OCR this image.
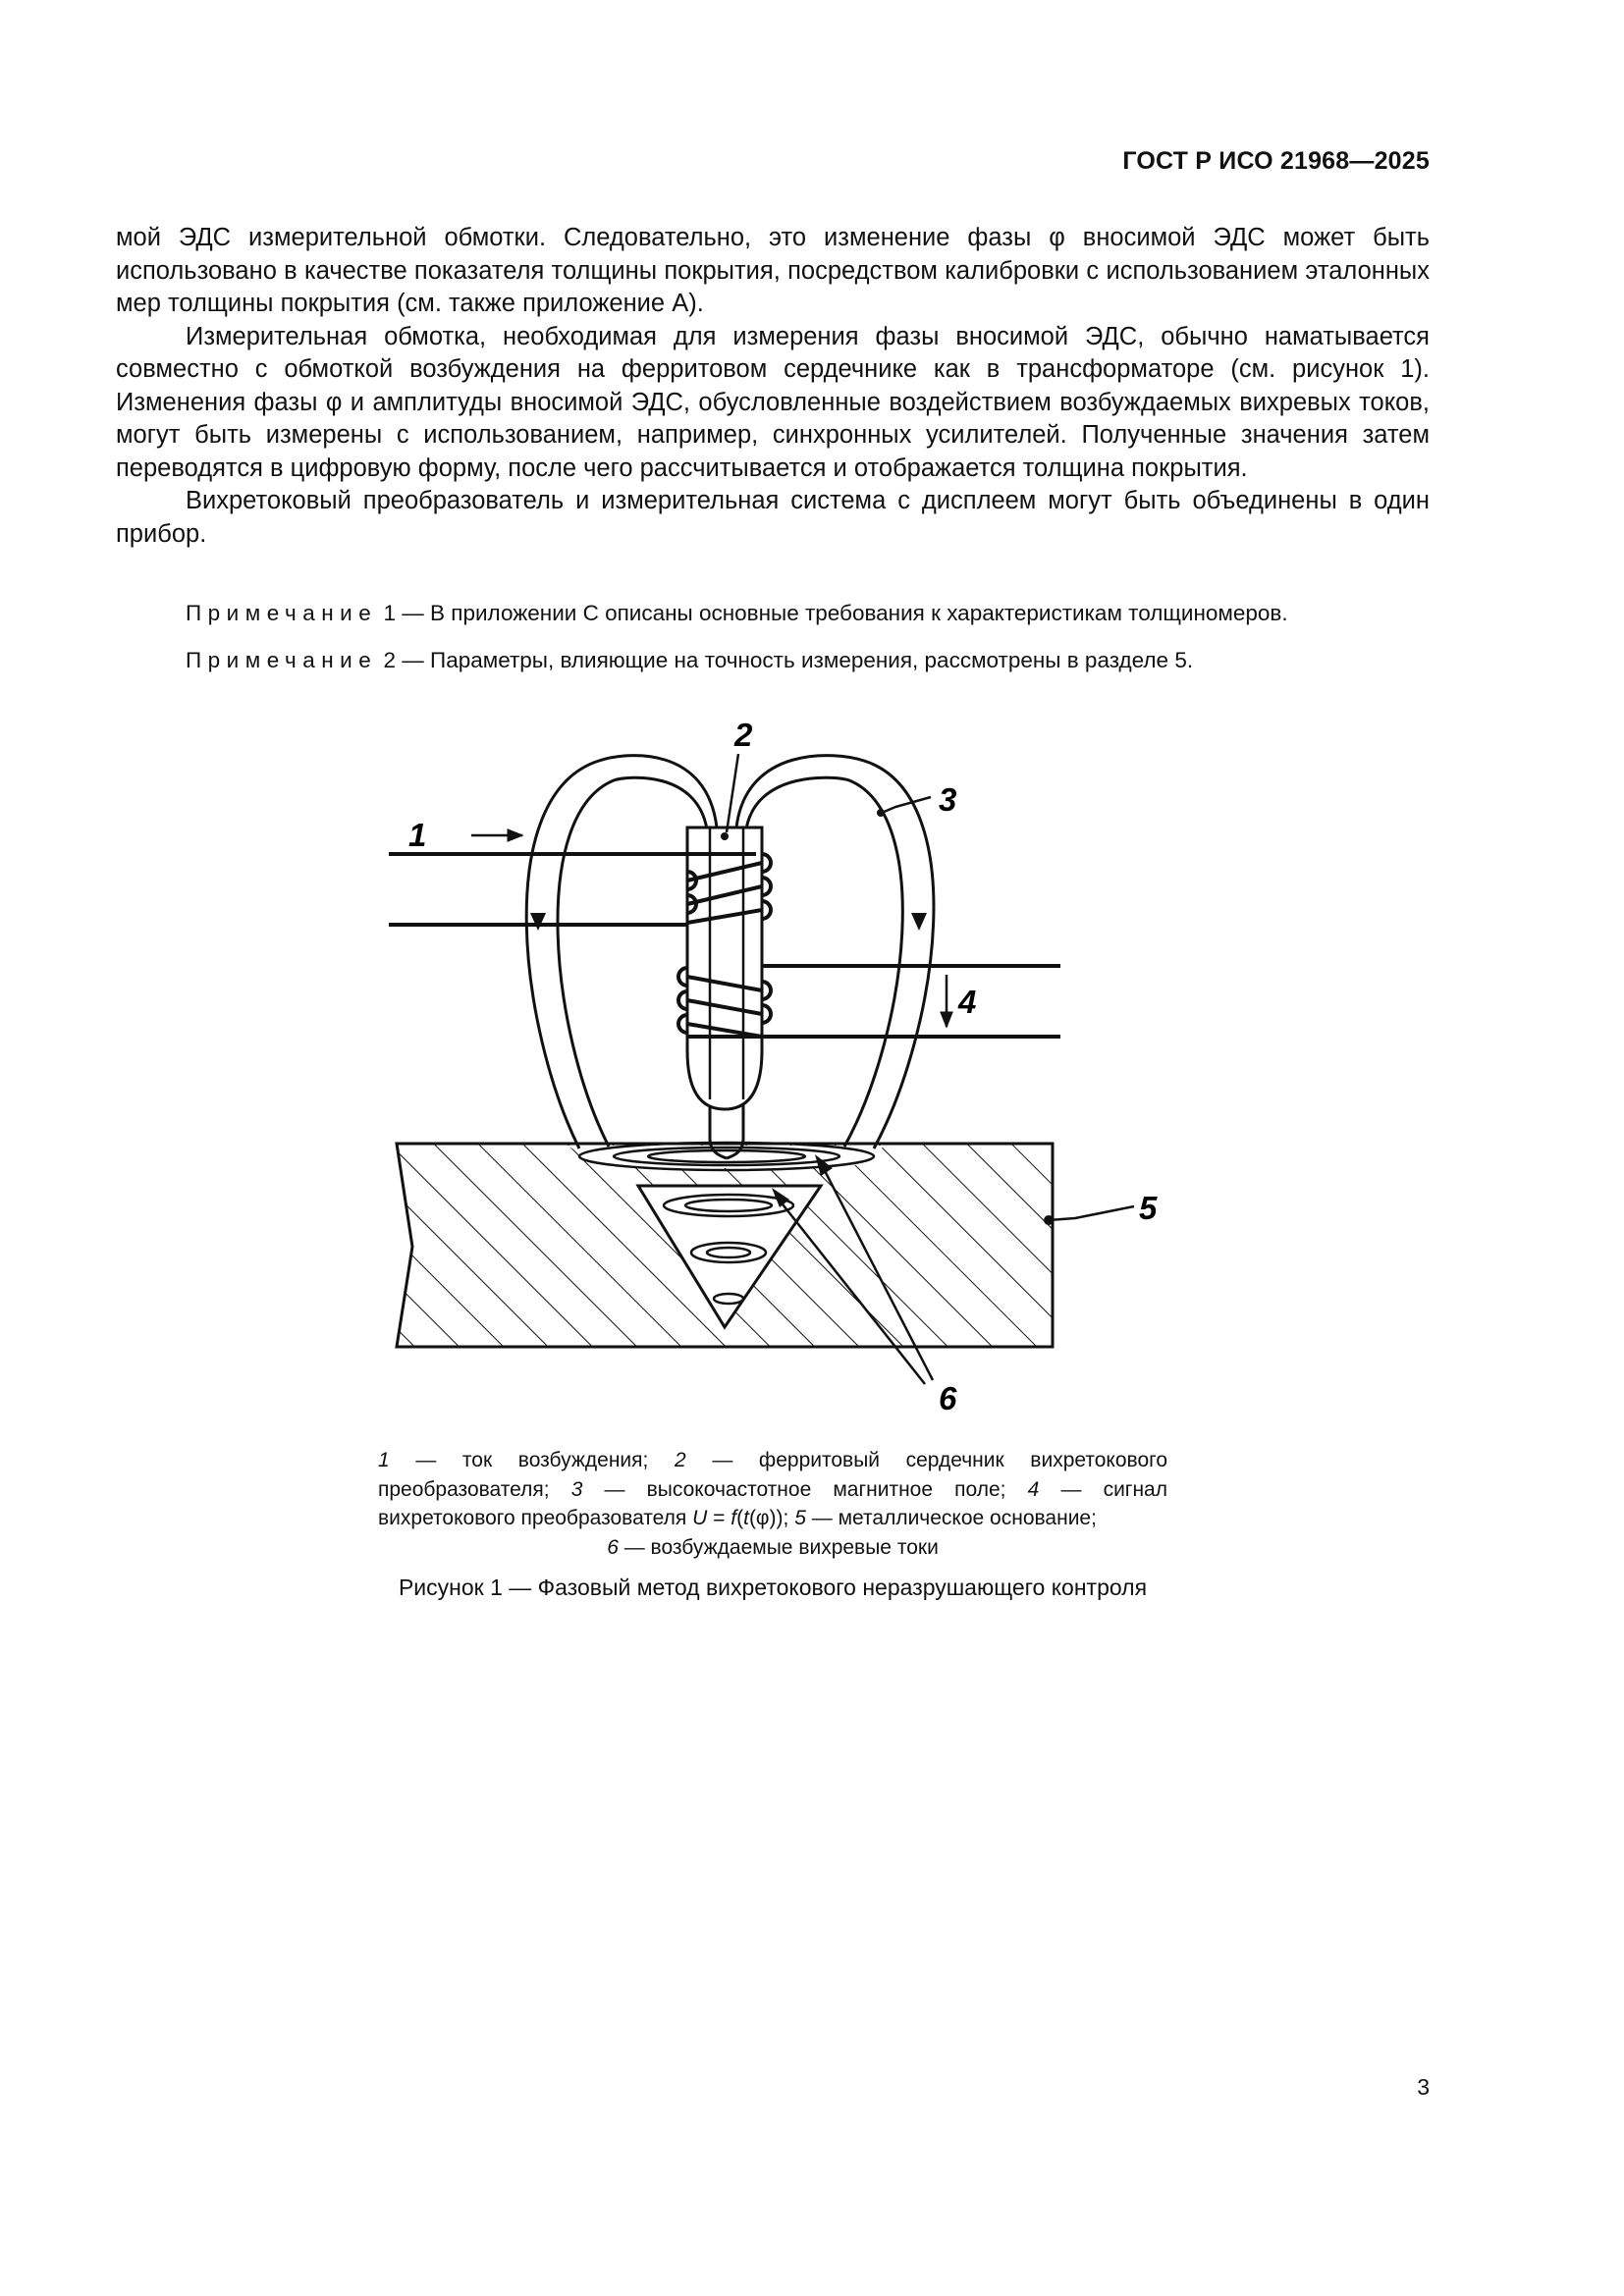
ГОСТ Р ИСО 21968—2025

мой ЭДС измерительной обмотки. Следовательно, это изменение фазы φ вносимой ЭДС может быть использовано в качестве показателя толщины покрытия, посредством калибровки с использованием эталонных мер толщины покрытия (см. также приложение А).

Измерительная обмотка, необходимая для измерения фазы вносимой ЭДС, обычно наматывается совместно с обмоткой возбуждения на ферритовом сердечнике как в трансформаторе (см. рисунок 1). Изменения фазы φ и амплитуды вносимой ЭДС, обусловленные воздействием возбуждаемых вихревых токов, могут быть измерены с использованием, например, синхронных усилителей. Полученные значения затем переводятся в цифровую форму, после чего рассчитывается и отображается толщина покрытия.

Вихретоковый преобразователь и измерительная система с дисплеем могут быть объединены в один прибор.

Примечание 1 — В приложении С описаны основные требования к характеристикам толщиномеров.
Примечание 2 — Параметры, влияющие на точность измерения, рассмотрены в разделе 5.
1
2
3
4
5
6
1 — ток возбуждения; 2 — ферритовый сердечник вихретокового преобразователя; 3 — высокочастотное магнитное поле; 4 — сигнал вихретокового преобразователя U = f(t(φ)); 5 — металлическое основание;
6 — возбуждаемые вихревые токи
Рисунок 1 — Фазовый метод вихретокового неразрушающего контроля
3
